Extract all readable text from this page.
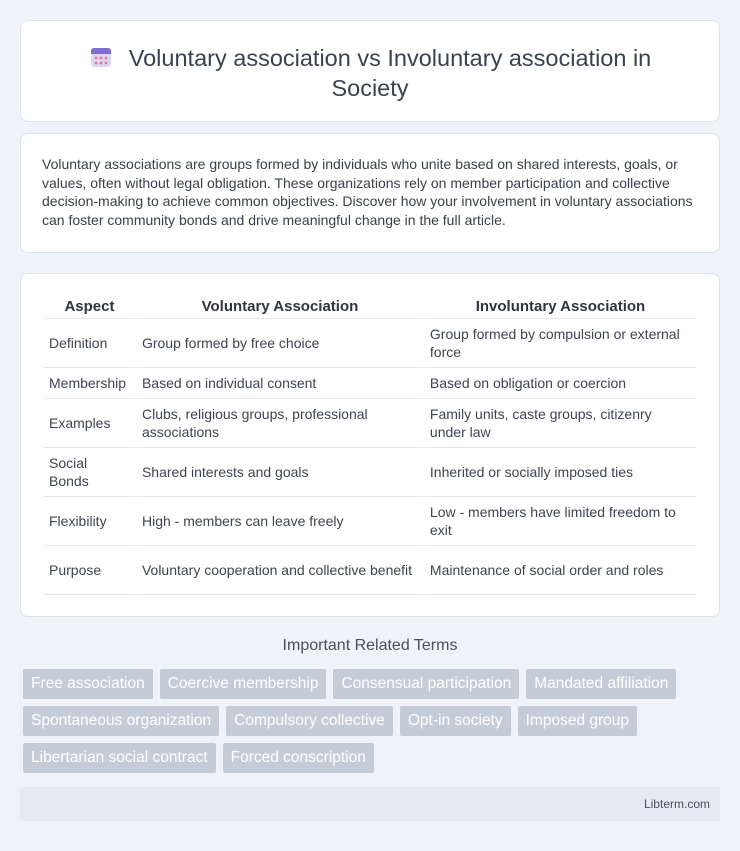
Voluntary association vs Involuntary association in Society

Voluntary associations are groups formed by individuals who unite based on shared interests, goals, or values, often without legal obligation. These organizations rely on member participation and collective decision-making to achieve common objectives. Discover how your involvement in voluntary associations can foster community bonds and drive meaningful change in the full article.

Aspect	Voluntary Association	Involuntary Association
Definition	Group formed by free choice	Group formed by compulsion or external force
Membership	Based on individual consent	Based on obligation or coercion
Examples	Clubs, religious groups, professional associations	Family units, caste groups, citizenry under law
Social Bonds	Shared interests and goals	Inherited or socially imposed ties
Flexibility	High - members can leave freely	Low - members have limited freedom to exit
Purpose	Voluntary cooperation and collective benefit	Maintenance of social order and roles
Important Related Terms
Free association	Coercive membership	Consensual participation	Mandated affiliation
Spontaneous organization	Compulsory collective	Opt-in society	Imposed group
Libertarian social contract	Forced conscription
Libterm.com
